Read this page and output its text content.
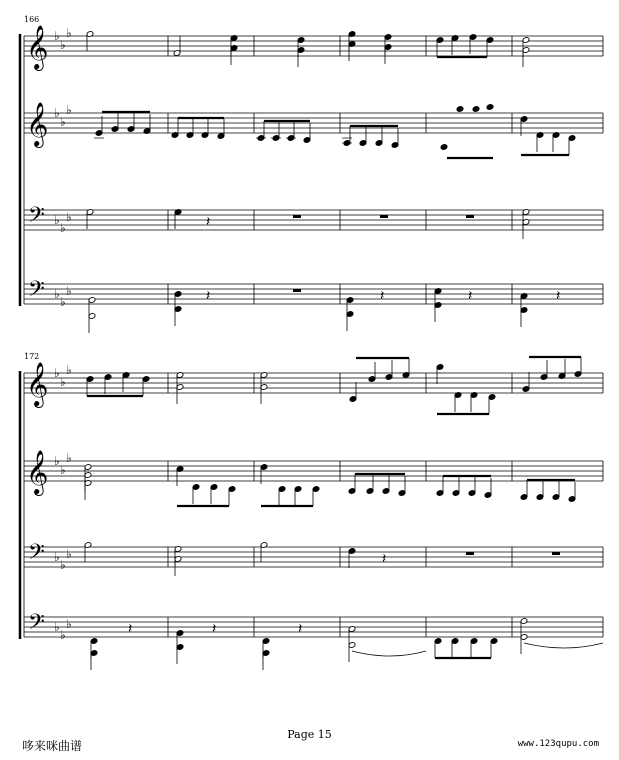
166
172
𝄞 ♭
♭
♭
𝄞 ♭
♭
♭
𝄢 ♭
♭
♭
𝄢 ♭
♭
♭
𝄽
𝄽	𝄽	𝄽	𝄽
𝄞 ♭
♭
♭
𝄞 ♭
♭
♭
𝄢 ♭
♭
♭
𝄢 ♭
♭
♭
𝄽
𝄽	𝄽	𝄽
Page 15
哆来咪曲谱	www.123qupu.com
